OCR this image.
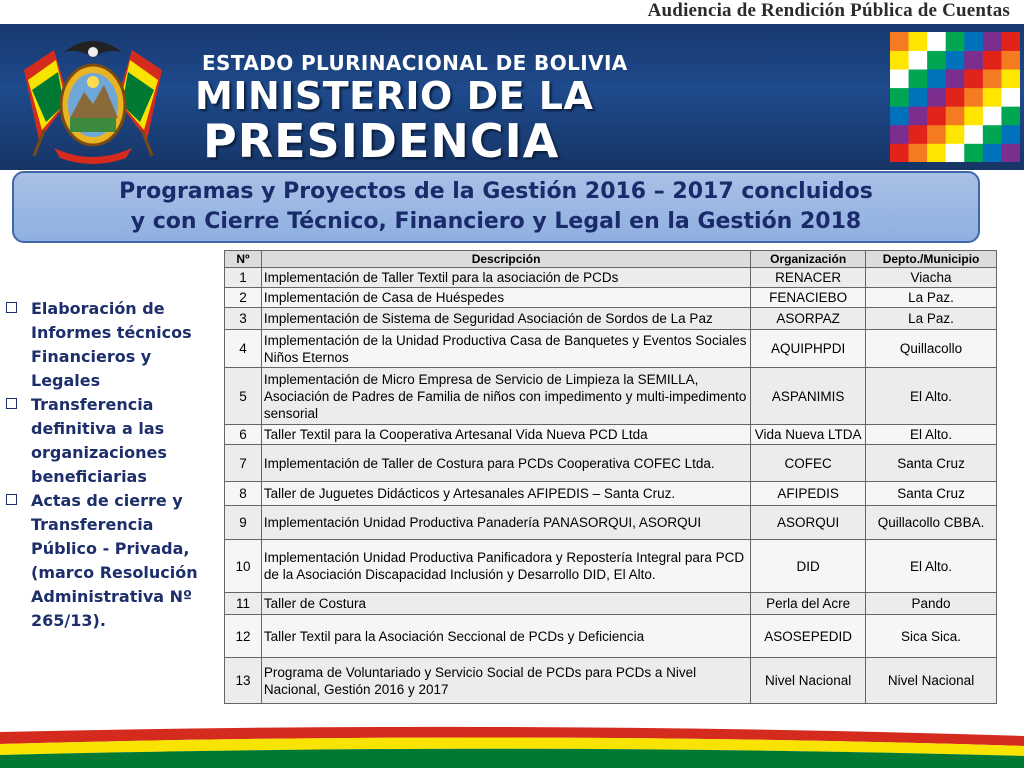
Audiencia de Rendición Pública de Cuentas
ESTADO PLURINACIONAL DE BOLIVIA
MINISTERIO DE LA
PRESIDENCIA
Programas y Proyectos de la Gestión 2016 – 2017 concluidos
y con Cierre Técnico, Financiero y Legal en la Gestión 2018
Elaboración de Informes técnicos Financieros y Legales
Transferencia definitiva a las organizaciones beneficiarias
Actas de cierre y Transferencia Público - Privada, (marco Resolución Administrativa Nº 265/13).
Nº	Descripción	Organización	Depto./Municipio
1	Implementación de Taller Textil para la asociación de PCDs	RENACER	Viacha
2	Implementación de Casa de Huéspedes	FENACIEBO	La Paz.
3	Implementación de Sistema de Seguridad Asociación de Sordos de La Paz	ASORPAZ	La Paz.
4	Implementación de la Unidad Productiva Casa de Banquetes y Eventos Sociales Niños Eternos	AQUIPHPDI	Quillacollo
5	Implementación de Micro Empresa de Servicio de Limpieza la SEMILLA, Asociación de Padres de Familia de niños con impedimento y multi-impedimento sensorial	ASPANIMIS	El Alto.
6	Taller Textil para la Cooperativa Artesanal Vida Nueva PCD Ltda	Vida Nueva LTDA	El Alto.
7	Implementación de Taller de Costura para PCDs Cooperativa COFEC Ltda.	COFEC	Santa Cruz
8	Taller de Juguetes Didácticos y Artesanales AFIPEDIS – Santa Cruz.	AFIPEDIS	Santa Cruz
9	Implementación Unidad Productiva Panadería PANASORQUI, ASORQUI	ASORQUI	Quillacollo CBBA.
10	Implementación Unidad Productiva Panificadora y Repostería Integral para PCD de la Asociación Discapacidad Inclusión y Desarrollo DID, El Alto.	DID	El Alto.
11	Taller de Costura	Perla del Acre	Pando
12	Taller Textil para la Asociación Seccional de PCDs y Deficiencia	ASOSEPEDID	Sica Sica.
13	Programa de Voluntariado y Servicio Social de PCDs para PCDs a Nivel Nacional, Gestión 2016 y 2017	Nivel Nacional	Nivel Nacional
